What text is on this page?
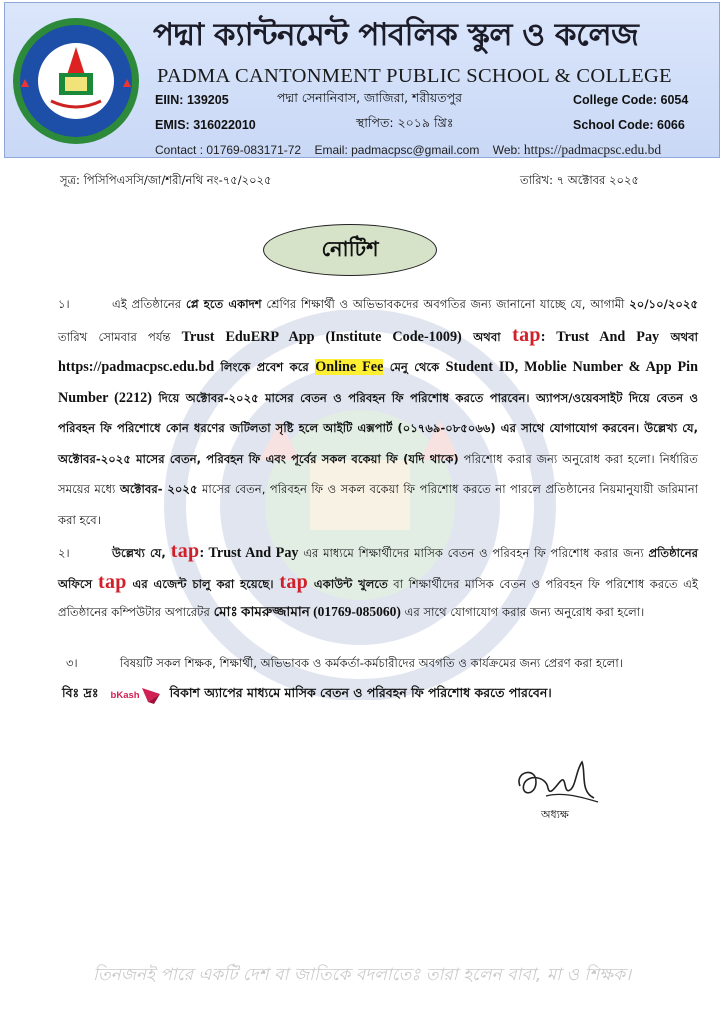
পদ্মা ক্যান্টনমেন্ট পাবলিক স্কুল ও কলেজ
PADMA CANTONMENT PUBLIC SCHOOL & COLLEGE
EIIN: 139205	পদ্মা সেনানিবাস, জাজিরা, শরীয়তপুর	College Code: 6054
EMIS: 316022010	স্থাপিত: ২০১৯ খ্রিঃ	School Code: 6066
Contact : 01769-083171-72 Email: padmacpsc@gmail.com Web: https://padmacpsc.edu.bd
সূত্র: পিসিপিএসসি/জা/শরী/নথি নং-৭৫/২০২৫	তারিখ: ৭ অক্টোবর ২০২৫
নোটিশ
১।	এই প্রতিষ্ঠানের প্লে হতে একাদশ শ্রেণির শিক্ষার্থী ও অভিভাবকদের অবগতির জন্য জানানো যাচ্ছে যে, আগামী ২০/১০/২০২৫ তারিখ সোমবার পর্যন্ত Trust EduERP App (Institute Code-1009) অথবা tap: Trust And Pay অথবা https://padmacpsc.edu.bd লিংকে প্রবেশ করে Online Fee মেনু থেকে Student ID, Moblie Number & App Pin Number (2212) দিয়ে অক্টোবর-২০২৫ মাসের বেতন ও পরিবহন ফি পরিশোধ করতে পারবেন। অ্যাপস/ওয়েবসাইট দিয়ে বেতন ও পরিবহন ফি পরিশোধে কোন ধরণের জটিলতা সৃষ্টি হলে আইটি এক্সপার্ট (০১৭৬৯-০৮৫০৬৬) এর সাথে যোগাযোগ করবেন। উল্লেখ্য যে, অক্টোবর-২০২৫ মাসের বেতন, পরিবহন ফি এবং পূর্বের সকল বকেয়া ফি (যদি থাকে) পরিশোধ করার জন্য অনুরোধ করা হলো। নির্ধারিত সময়ের মধ্যে অক্টোবর- ২০২৫ মাসের বেতন, পরিবহন ফি ও সকল বকেয়া ফি পরিশোধ করতে না পারলে প্রতিষ্ঠানের নিয়মানুযায়ী জরিমানা করা হবে।
২।	উল্লেখ্য যে, tap: Trust And Pay এর মাধ্যমে শিক্ষার্থীদের মাসিক বেতন ও পরিবহন ফি পরিশোধ করার জন্য প্রতিষ্ঠানের অফিসে tap এর এজেন্ট চালু করা হয়েছে। tap একাউন্ট খুলতে বা শিক্ষার্থীদের মাসিক বেতন ও পরিবহন ফি পরিশোধ করতে এই প্রতিষ্ঠানের কম্পিউটার অপারেটর মোঃ কামরুজ্জামান (01769-085060) এর সাথে যোগাযোগ করার জন্য অনুরোধ করা হলো।
৩।	বিষয়টি সকল শিক্ষক, শিক্ষার্থী, অভিভাবক ও কর্মকর্তা-কর্মচারীদের অবগতি ও কার্যক্রমের জন্য প্রেরণ করা হলো।
বিঃ দ্রঃ bKash বিকাশ অ্যাপের মাধ্যমে মাসিক বেতন ও পরিবহন ফি পরিশোধ করতে পারবেন।
অধ্যক্ষ
তিনজনই পারে একটি দেশ বা জাতিকে বদলাতেঃ তারা হলেন বাবা, মা ও শিক্ষক।
